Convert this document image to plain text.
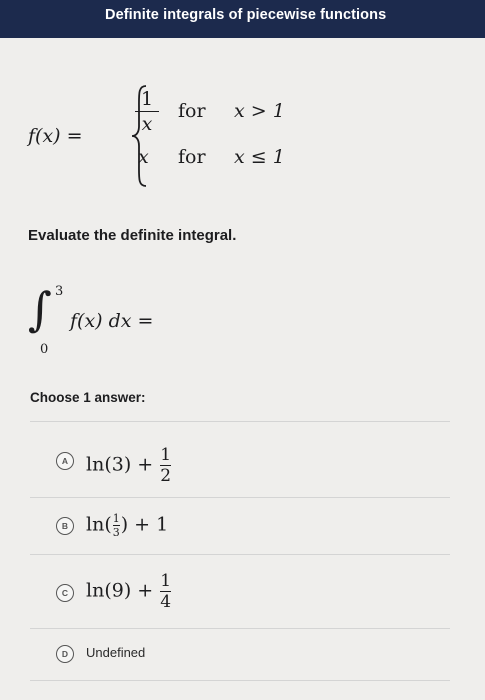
Definite integrals of piecewise functions
f(x) =
1
x
x
for
for
x > 1
x ≤ 1
Evaluate the definite integral.
∫ 3
0
f(x) dx =
Choose 1 answer:
A $\ln(3) + \frac{1}{2}$
B $\ln(\frac{1}{3}) + 1$
C $\ln(9) + \frac{1}{4}$
D	Undefined
